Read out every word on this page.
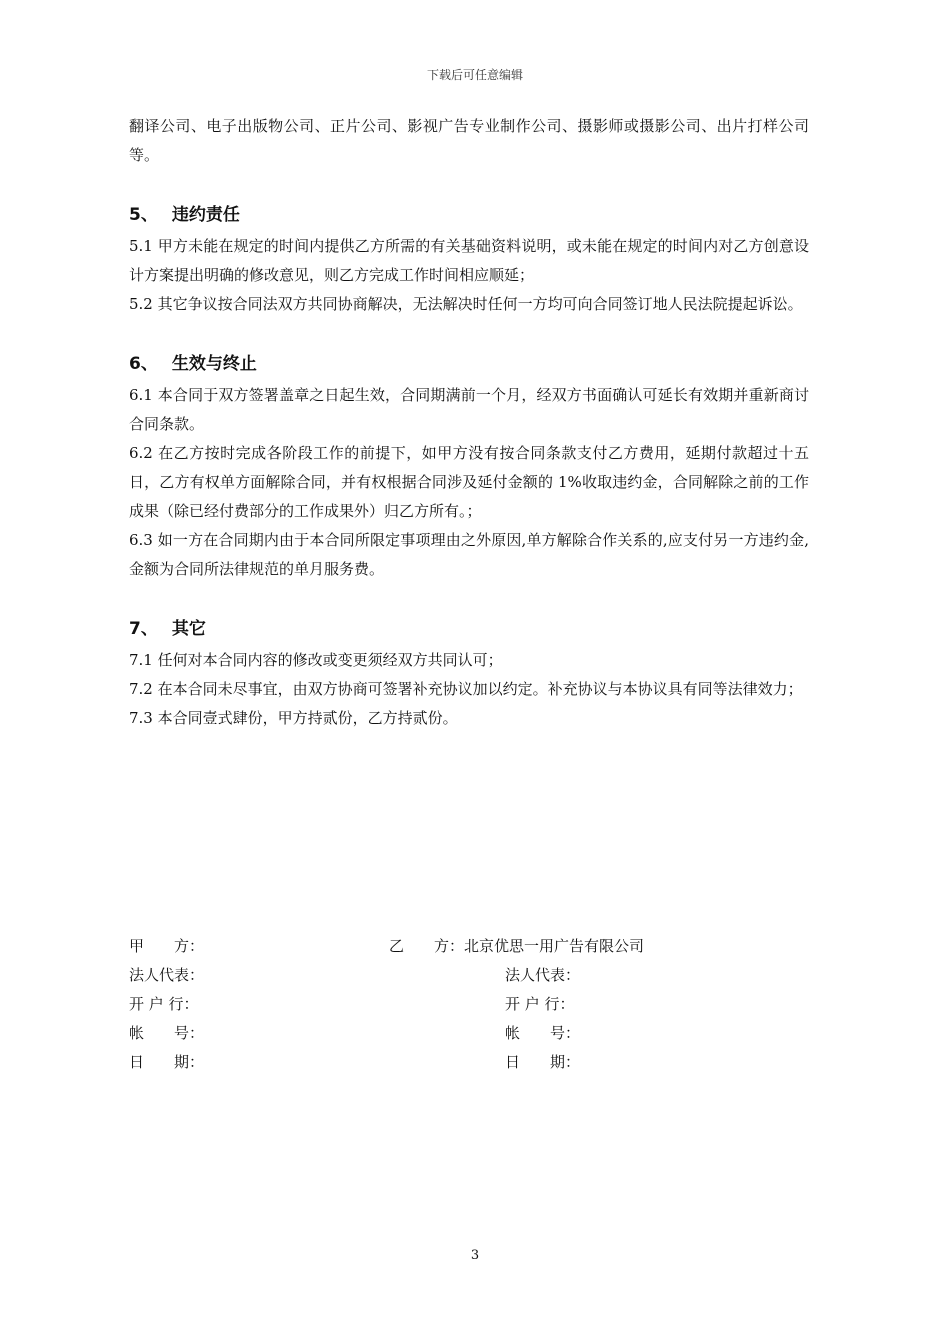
下载后可任意编辑

翻译公司、电子出版物公司、正片公司、影视广告专业制作公司、摄影师或摄影公司、出片打样公司等。

5、 违约责任

5.1 甲方未能在规定的时间内提供乙方所需的有关基础资料说明，或未能在规定的时间内对乙方创意设计方案提出明确的修改意见，则乙方完成工作时间相应顺延；

5.2 其它争议按合同法双方共同协商解决，无法解决时任何一方均可向合同签订地人民法院提起诉讼。

6、 生效与终止

6.1 本合同于双方签署盖章之日起生效，合同期满前一个月，经双方书面确认可延长有效期并重新商讨合同条款。

6.2 在乙方按时完成各阶段工作的前提下，如甲方没有按合同条款支付乙方费用，延期付款超过十五日，乙方有权单方面解除合同，并有权根据合同涉及延付金额的 1%收取违约金，合同解除之前的工作成果（除已经付费部分的工作成果外）归乙方所有。；

6.3 如一方在合同期内由于本合同所限定事项理由之外原因,单方解除合作关系的,应支付另一方违约金,金额为合同所法律规范的单月服务费。

7、 其它

7.1 任何对本合同内容的修改或变更须经双方共同认可；

7.2 在本合同未尽事宜，由双方协商可签署补充协议加以约定。补充协议与本协议具有同等法律效力；

7.3 本合同壹式肆份，甲方持贰份，乙方持贰份。

甲　　方：	乙　　方：北京优思一用广告有限公司
法人代表：	法人代表：
开 户 行：	开 户 行：
帐　　号：	帐　　号：
日　　期：	日　　期：
3
